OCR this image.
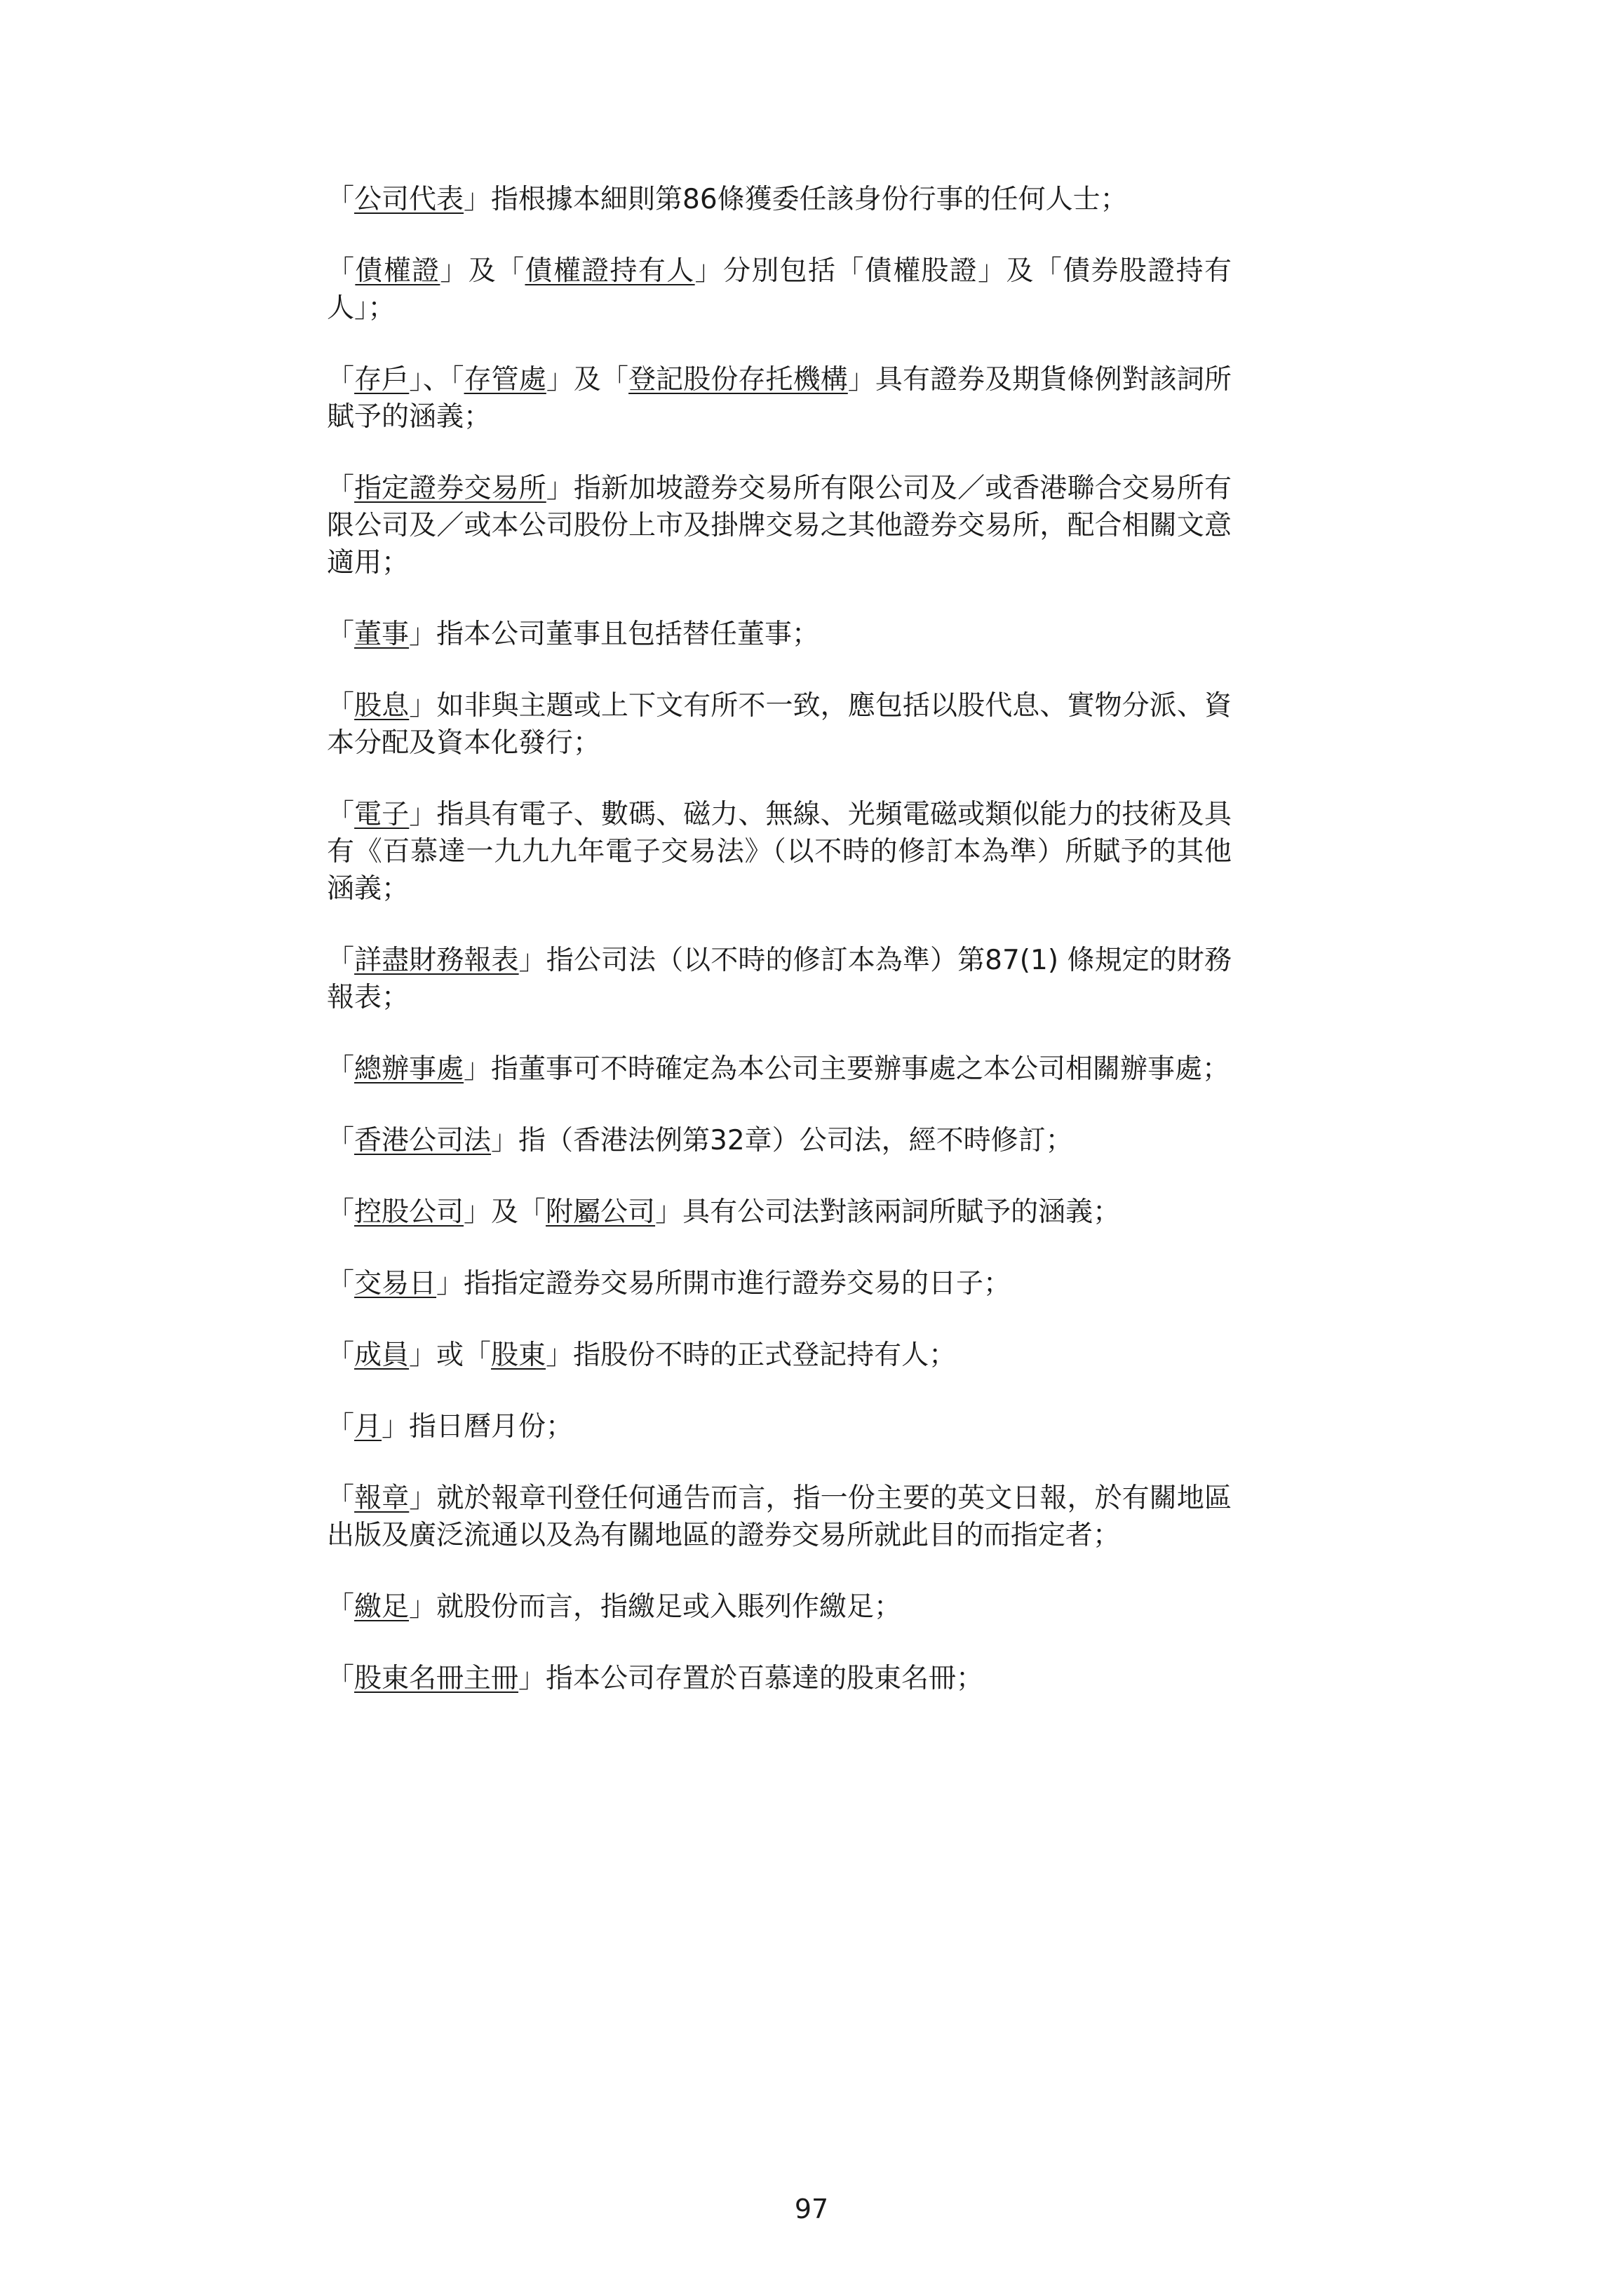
「公司代表」指根據本細則第86條獲委任該身份行事的任何人士；

「債權證」及「債權證持有人」分別包括「債權股證」及「債券股證持有人」；

「存戶」、「存管處」及「登記股份存托機構」具有證券及期貨條例對該詞所賦予的涵義；

「指定證券交易所」指新加坡證券交易所有限公司及／或香港聯合交易所有限公司及／或本公司股份上市及掛牌交易之其他證券交易所，配合相關文意適用；

「董事」指本公司董事且包括替任董事；

「股息」如非與主題或上下文有所不一致，應包括以股代息、實物分派、資本分配及資本化發行；

「電子」指具有電子、數碼、磁力、無線、光頻電磁或類似能力的技術及具有《百慕達一九九九年電子交易法》（以不時的修訂本為準）所賦予的其他涵義；

「詳盡財務報表」指公司法（以不時的修訂本為準）第87(1) 條規定的財務報表；

「總辦事處」指董事可不時確定為本公司主要辦事處之本公司相關辦事處；

「香港公司法」指（香港法例第32章）公司法，經不時修訂；

「控股公司」及「附屬公司」具有公司法對該兩詞所賦予的涵義；

「交易日」指指定證券交易所開市進行證券交易的日子；

「成員」或「股東」指股份不時的正式登記持有人；

「月」指日曆月份；

「報章」就於報章刊登任何通告而言，指一份主要的英文日報，於有關地區出版及廣泛流通以及為有關地區的證券交易所就此目的而指定者；

「繳足」就股份而言，指繳足或入賬列作繳足；

「股東名冊主冊」指本公司存置於百慕達的股東名冊；

97
